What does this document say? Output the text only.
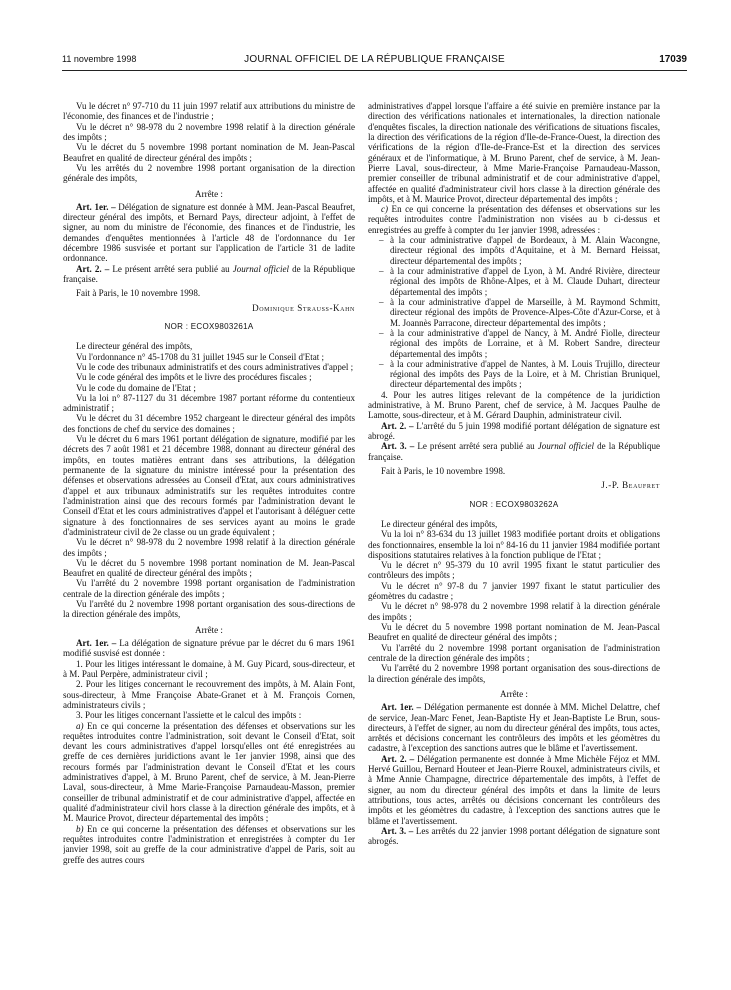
11 novembre 1998	JOURNAL OFFICIEL DE LA RÉPUBLIQUE FRANÇAISE	17039

Vu le décret n° 97-710 du 11 juin 1997 relatif aux attributions du ministre de l'économie, des finances et de l'industrie ;

Vu le décret n° 98-978 du 2 novembre 1998 relatif à la direction générale des impôts ;

Vu le décret du 5 novembre 1998 portant nomination de M. Jean-Pascal Beaufret en qualité de directeur général des impôts ;

Vu les arrêtés du 2 novembre 1998 portant organisation de la direction générale des impôts,

Arrête :

Art. 1er. – Délégation de signature est donnée à MM. Jean-Pascal Beaufret, directeur général des impôts, et Bernard Pays, directeur adjoint, à l'effet de signer, au nom du ministre de l'économie, des finances et de l'industrie, les demandes d'enquêtes mentionnées à l'article 48 de l'ordonnance du 1er décembre 1986 susvisée et portant sur l'application de l'article 31 de ladite ordonnance.

Art. 2. – Le présent arrêté sera publié au Journal officiel de la République française.

Fait à Paris, le 10 novembre 1998.

Dominique Strauss-Kahn

NOR : ECOX9803261A

Le directeur général des impôts,

Vu l'ordonnance n° 45-1708 du 31 juillet 1945 sur le Conseil d'Etat ;

Vu le code des tribunaux administratifs et des cours administratives d'appel ;

Vu le code général des impôts et le livre des procédures fiscales ;

Vu le code du domaine de l'Etat ;

Vu la loi n° 87-1127 du 31 décembre 1987 portant réforme du contentieux administratif ;

Vu le décret du 31 décembre 1952 chargeant le directeur général des impôts des fonctions de chef du service des domaines ;

Vu le décret du 6 mars 1961 portant délégation de signature, modifié par les décrets des 7 août 1981 et 21 décembre 1988, donnant au directeur général des impôts, en toutes matières entrant dans ses attributions, la délégation permanente de la signature du ministre intéressé pour la présentation des défenses et observations adressées au Conseil d'Etat, aux cours administratives d'appel et aux tribunaux administratifs sur les requêtes introduites contre l'administration ainsi que des recours formés par l'administration devant le Conseil d'Etat et les cours administratives d'appel et l'autorisant à déléguer cette signature à des fonctionnaires de ses services ayant au moins le grade d'administrateur civil de 2e classe ou un grade équivalent ;

Vu le décret n° 98-978 du 2 novembre 1998 relatif à la direction générale des impôts ;

Vu le décret du 5 novembre 1998 portant nomination de M. Jean-Pascal Beaufret en qualité de directeur général des impôts ;

Vu l'arrêté du 2 novembre 1998 portant organisation de l'administration centrale de la direction générale des impôts ;

Vu l'arrêté du 2 novembre 1998 portant organisation des sous-directions de la direction générale des impôts,

Arrête :

Art. 1er. – La délégation de signature prévue par le décret du 6 mars 1961 modifié susvisé est donnée :

1. Pour les litiges intéressant le domaine, à M. Guy Picard, sous-directeur, et à M. Paul Perpère, administrateur civil ;

2. Pour les litiges concernant le recouvrement des impôts, à M. Alain Font, sous-directeur, à Mme Françoise Abate-Granet et à M. François Cornen, administrateurs civils ;

3. Pour les litiges concernant l'assiette et le calcul des impôts :

a) En ce qui concerne la présentation des défenses et observations sur les requêtes introduites contre l'administration, soit devant le Conseil d'Etat, soit devant les cours administratives d'appel lorsqu'elles ont été enregistrées au greffe de ces dernières juridictions avant le 1er janvier 1998, ainsi que des recours formés par l'administration devant le Conseil d'Etat et les cours administratives d'appel, à M. Bruno Parent, chef de service, à M. Jean-Pierre Laval, sous-directeur, à Mme Marie-Françoise Parnaudeau-Masson, premier conseiller de tribunal administratif et de cour administrative d'appel, affectée en qualité d'administrateur civil hors classe à la direction générale des impôts, et à M. Maurice Provot, directeur départemental des impôts ;

b) En ce qui concerne la présentation des défenses et observations sur les requêtes introduites contre l'administration et enregistrées à compter du 1er janvier 1998, soit au greffe de la cour administrative d'appel de Paris, soit au greffe des autres cours

administratives d'appel lorsque l'affaire a été suivie en première instance par la direction des vérifications nationales et internationales, la direction nationale d'enquêtes fiscales, la direction nationale des vérifications de situations fiscales, la direction des vérifications de la région d'Ile-de-France-Ouest, la direction des vérifications de la région d'Ile-de-France-Est et la direction des services généraux et de l'informatique, à M. Bruno Parent, chef de service, à M. Jean-Pierre Laval, sous-directeur, à Mme Marie-Françoise Parnaudeau-Masson, premier conseiller de tribunal administratif et de cour administrative d'appel, affectée en qualité d'administrateur civil hors classe à la direction générale des impôts, et à M. Maurice Provot, directeur départemental des impôts ;

c) En ce qui concerne la présentation des défenses et observations sur les requêtes introduites contre l'administration non visées au b ci-dessus et enregistrées au greffe à compter du 1er janvier 1998, adressées :

– à la cour administrative d'appel de Bordeaux, à M. Alain Wacongne, directeur régional des impôts d'Aquitaine, et à M. Bernard Heissat, directeur départemental des impôts ;

– à la cour administrative d'appel de Lyon, à M. André Rivière, directeur régional des impôts de Rhône-Alpes, et à M. Claude Duhart, directeur départemental des impôts ;

– à la cour administrative d'appel de Marseille, à M. Raymond Schmitt, directeur régional des impôts de Provence-Alpes-Côte d'Azur-Corse, et à M. Joannès Parracone, directeur départemental des impôts ;

– à la cour administrative d'appel de Nancy, à M. André Fiolle, directeur régional des impôts de Lorraine, et à M. Robert Sandre, directeur départemental des impôts ;

– à la cour administrative d'appel de Nantes, à M. Louis Trujillo, directeur régional des impôts des Pays de la Loire, et à M. Christian Bruniquel, directeur départemental des impôts ;

4. Pour les autres litiges relevant de la compétence de la juridiction administrative, à M. Bruno Parent, chef de service, à M. Jacques Paulhe de Lamotte, sous-directeur, et à M. Gérard Dauphin, administrateur civil.

Art. 2. – L'arrêté du 5 juin 1998 modifié portant délégation de signature est abrogé.

Art. 3. – Le présent arrêté sera publié au Journal officiel de la République française.

Fait à Paris, le 10 novembre 1998.

J.-P. Beaufret

NOR : ECOX9803262A

Le directeur général des impôts,

Vu la loi n° 83-634 du 13 juillet 1983 modifiée portant droits et obligations des fonctionnaires, ensemble la loi n° 84-16 du 11 janvier 1984 modifiée portant dispositions statutaires relatives à la fonction publique de l'Etat ;

Vu le décret n° 95-379 du 10 avril 1995 fixant le statut particulier des contrôleurs des impôts ;

Vu le décret n° 97-8 du 7 janvier 1997 fixant le statut particulier des géomètres du cadastre ;

Vu le décret n° 98-978 du 2 novembre 1998 relatif à la direction générale des impôts ;

Vu le décret du 5 novembre 1998 portant nomination de M. Jean-Pascal Beaufret en qualité de directeur général des impôts ;

Vu l'arrêté du 2 novembre 1998 portant organisation de l'administration centrale de la direction générale des impôts ;

Vu l'arrêté du 2 novembre 1998 portant organisation des sous-directions de la direction générale des impôts,

Arrête :

Art. 1er. – Délégation permanente est donnée à MM. Michel Delattre, chef de service, Jean-Marc Fenet, Jean-Baptiste Hy et Jean-Baptiste Le Brun, sous-directeurs, à l'effet de signer, au nom du directeur général des impôts, tous actes, arrêtés et décisions concernant les contrôleurs des impôts et les géomètres du cadastre, à l'exception des sanctions autres que le blâme et l'avertissement.

Art. 2. – Délégation permanente est donnée à Mme Michèle Féjoz et MM. Hervé Guillou, Bernard Houteer et Jean-Pierre Rouxel, administrateurs civils, et à Mme Annie Champagne, directrice départementale des impôts, à l'effet de signer, au nom du directeur général des impôts et dans la limite de leurs attributions, tous actes, arrêtés ou décisions concernant les contrôleurs des impôts et les géomètres du cadastre, à l'exception des sanctions autres que le blâme et l'avertissement.

Art. 3. – Les arrêtés du 22 janvier 1998 portant délégation de signature sont abrogés.
